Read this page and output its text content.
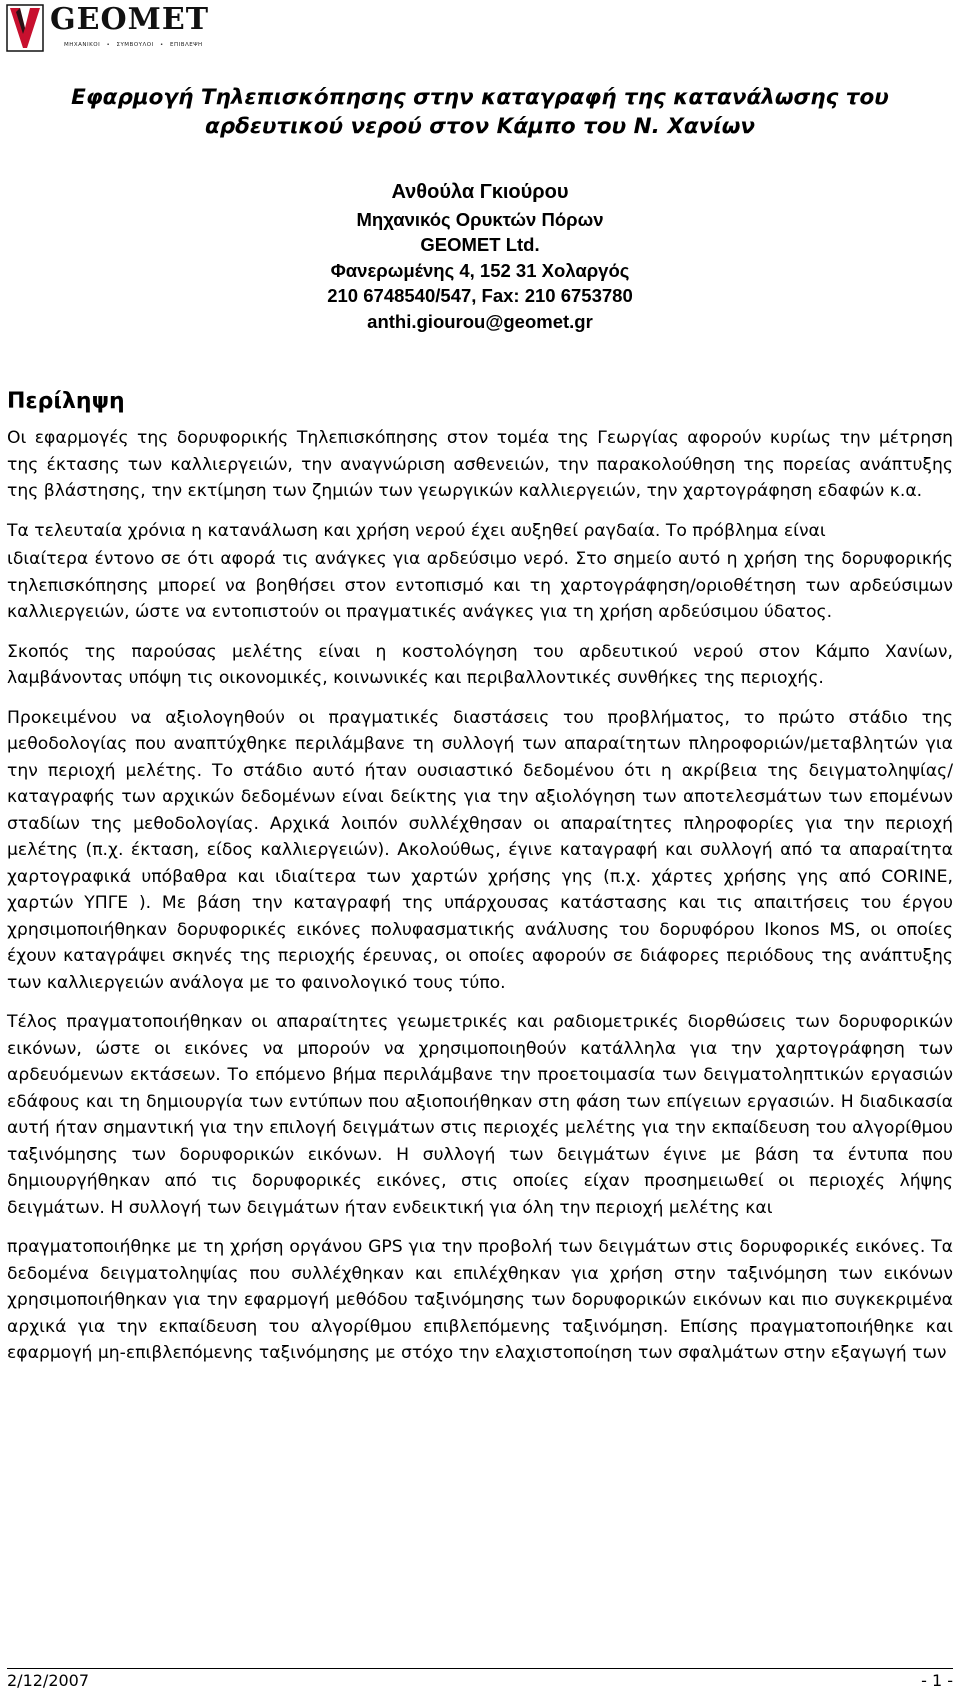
GEOMET
ΜΗΧΑΝΙΚΟΙ • ΣΥΜΒΟΥΛΟΙ • ΕΠΙΒΛΕΨΗ
Εφαρμογή Τηλεπισκόπησης στην καταγραφή της κατανάλωσης του
αρδευτικού νερού στον Κάμπο του Ν. Χανίων
Ανθούλα Γκιούρου
Μηχανικός Ορυκτών Πόρων
GEOMET Ltd.
Φανερωμένης 4, 152 31 Χολαργός
210 6748540/547, Fax: 210 6753780
anthi.giourou@geomet.gr
Περίληψη

Οι εφαρμογές της δορυφορικής Τηλεπισκόπησης στον τομέα της Γεωργίας αφορούν κυρίως την μέτρηση της έκτασης των καλλιεργειών, την αναγνώριση ασθενειών, την παρακολούθηση της πορείας ανάπτυξης της βλάστησης, την εκτίμηση των ζημιών των γεωργικών καλλιεργειών, την χαρτογράφηση εδαφών κ.α.

Τα τελευταία χρόνια η κατανάλωση και χρήση νερού έχει αυξηθεί ραγδαία. Το πρόβλημα είναι

ιδιαίτερα έντονο σε ότι αφορά τις ανάγκες για αρδεύσιμο νερό. Στο σημείο αυτό η χρήση της δορυφορικής τηλεπισκόπησης μπορεί να βοηθήσει στον εντοπισμό και τη χαρτογράφηση/οριοθέτηση των αρδεύσιμων καλλιεργειών, ώστε να εντοπιστούν οι πραγματικές ανάγκες για τη χρήση αρδεύσιμου ύδατος.

Σκοπός της παρούσας μελέτης είναι η κοστολόγηση του αρδευτικού νερού στον Κάμπο Χανίων, λαμβάνοντας υπόψη τις οικονομικές, κοινωνικές και περιβαλλοντικές συνθήκες της περιοχής.

Προκειμένου να αξιολογηθούν οι πραγματικές διαστάσεις του προβλήματος, το πρώτο στάδιο της μεθοδολογίας που αναπτύχθηκε περιλάμβανε τη συλλογή των απαραίτητων πληροφοριών/μεταβλητών για την περιοχή μελέτης. Το στάδιο αυτό ήταν ουσιαστικό δεδομένου ότι η ακρίβεια της δειγματοληψίας/καταγραφής των αρχικών δεδομένων είναι δείκτης για την αξιολόγηση των αποτελεσμάτων των επομένων σταδίων της μεθοδολογίας. Αρχικά λοιπόν συλλέχθησαν οι απαραίτητες πληροφορίες για την περιοχή μελέτης (π.χ. έκταση, είδος καλλιεργειών). Ακολούθως, έγινε καταγραφή και συλλογή από τα απαραίτητα χαρτογραφικά υπόβαθρα και ιδιαίτερα των χαρτών χρήσης γης (π.χ. χάρτες χρήσης γης από CORINE, χαρτών ΥΠΓΕ ). Με βάση την καταγραφή της υπάρχουσας κατάστασης και τις απαιτήσεις του έργου χρησιμοποιήθηκαν δορυφορικές εικόνες πολυφασματικής ανάλυσης του δορυφόρου Ikonos MS, οι οποίες έχουν καταγράψει σκηνές της περιοχής έρευνας, οι οποίες αφορούν σε διάφορες περιόδους της ανάπτυξης των καλλιεργειών ανάλογα με το φαινολογικό τους τύπο.

Τέλος πραγματοποιήθηκαν οι απαραίτητες γεωμετρικές και ραδιομετρικές διορθώσεις των δορυφορικών εικόνων, ώστε οι εικόνες να μπορούν να χρησιμοποιηθούν κατάλληλα για την χαρτογράφηση των αρδευόμενων εκτάσεων. Το επόμενο βήμα περιλάμβανε την προετοιμασία των δειγματοληπτικών εργασιών εδάφους και τη δημιουργία των εντύπων που αξιοποιήθηκαν στη φάση των επίγειων εργασιών. Η διαδικασία αυτή ήταν σημαντική για την επιλογή δειγμάτων στις περιοχές μελέτης για την εκπαίδευση του αλγορίθμου ταξινόμησης των δορυφορικών εικόνων. Η συλλογή των δειγμάτων έγινε με βάση τα έντυπα που δημιουργήθηκαν από τις δορυφορικές εικόνες, στις οποίες είχαν προσημειωθεί οι περιοχές λήψης δειγμάτων. Η συλλογή των δειγμάτων ήταν ενδεικτική για όλη την περιοχή μελέτης και

πραγματοποιήθηκε με τη χρήση οργάνου GPS για την προβολή των δειγμάτων στις δορυφορικές εικόνες. Τα δεδομένα δειγματοληψίας που συλλέχθηκαν και επιλέχθηκαν για χρήση στην ταξινόμηση των εικόνων χρησιμοποιήθηκαν για την εφαρμογή μεθόδου ταξινόμησης των δορυφορικών εικόνων και πιο συγκεκριμένα αρχικά για την εκπαίδευση του αλγορίθμου επιβλεπόμενης ταξινόμηση. Επίσης πραγματοποιήθηκε και εφαρμογή μη-επιβλεπόμενης ταξινόμησης με στόχο την ελαχιστοποίηση των σφαλμάτων στην εξαγωγή των

2/12/2007	- 1 -
